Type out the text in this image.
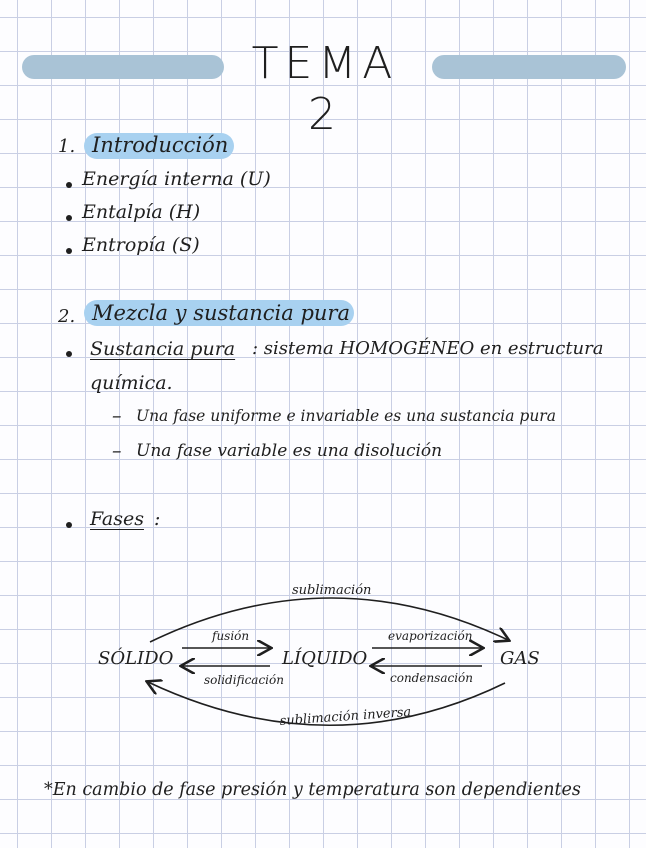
TEMA 2
1. Introducción
Energía interna (U)
Entalpía (H)
Entropía (S)
2. Mezcla y sustancia pura
Sustancia pura : sistema HOMOGÉNEO en estructura
química.
– Una fase uniforme e invariable es una sustancia pura
– Una fase variable es una disolución
Fases :
SÓLIDO	LÍQUIDO	GAS
sublimación
fusión
solidificación
evaporización
condensación
sublimación inversa
*En cambio de fase presión y temperatura son dependientes
